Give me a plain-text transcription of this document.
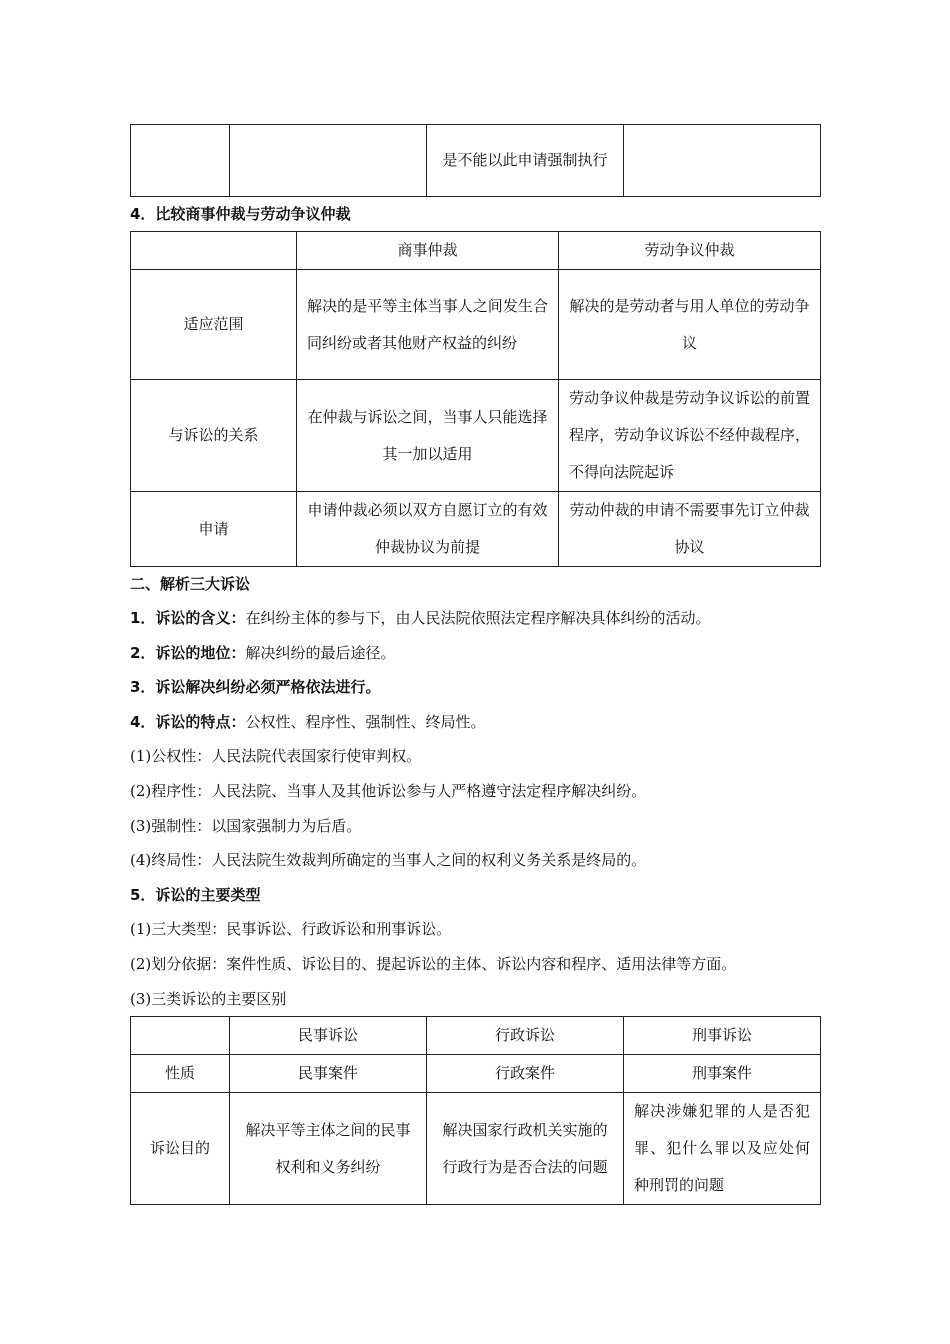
		是不能以此申请强制执行	
4．比较商事仲裁与劳动争议仲裁
	商事仲裁	劳动争议仲裁
适应范围	解决的是平等主体当事人之间发生合同纠纷或者其他财产权益的纠纷	解决的是劳动者与用人单位的劳动争议
与诉讼的关系	在仲裁与诉讼之间，当事人只能选择其一加以适用	劳动争议仲裁是劳动争议诉讼的前置程序，劳动争议诉讼不经仲裁程序，不得向法院起诉
申请	申请仲裁必须以双方自愿订立的有效仲裁协议为前提	劳动仲裁的申请不需要事先订立仲裁协议
二、解析三大诉讼
1．诉讼的含义：在纠纷主体的参与下，由人民法院依照法定程序解决具体纠纷的活动。
2．诉讼的地位：解决纠纷的最后途径。
3．诉讼解决纠纷必须严格依法进行。
4．诉讼的特点：公权性、程序性、强制性、终局性。
(1)公权性：人民法院代表国家行使审判权。
(2)程序性：人民法院、当事人及其他诉讼参与人严格遵守法定程序解决纠纷。
(3)强制性：以国家强制力为后盾。
(4)终局性：人民法院生效裁判所确定的当事人之间的权利义务关系是终局的。
5．诉讼的主要类型
(1)三大类型：民事诉讼、行政诉讼和刑事诉讼。
(2)划分依据：案件性质、诉讼目的、提起诉讼的主体、诉讼内容和程序、适用法律等方面。
(3)三类诉讼的主要区别
	民事诉讼	行政诉讼	刑事诉讼
性质	民事案件	行政案件	刑事案件
诉讼目的	解决平等主体之间的民事权利和义务纠纷	解决国家行政机关实施的行政行为是否合法的问题	解决涉嫌犯罪的人是否犯罪、犯什么罪以及应处何种刑罚的问题
